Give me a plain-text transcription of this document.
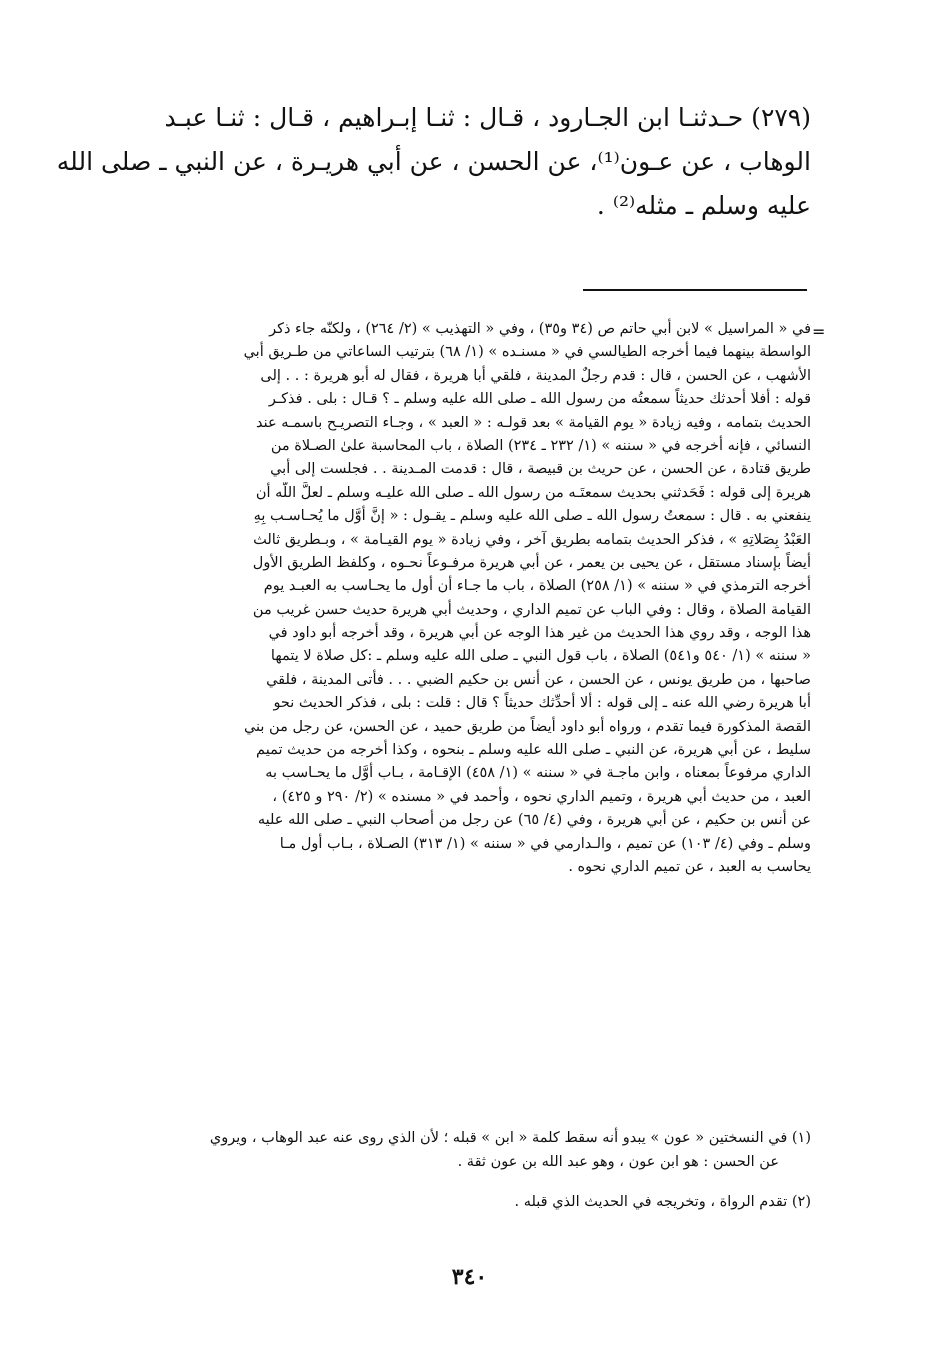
(٢٧٩) حـدثنـا ابن الجـارود ، قـال : ثنـا إبـراهيم ، قـال : ثنـا عبـد
الوهاب ، عن عـون⁽¹⁾، عن الحسن ، عن أبي هريـرة ، عن النبي ـ صلى الله
عليه وسلم ـ مثله⁽²⁾ .
=
في « المراسيل » لابن أبي حاتم ص (٣٤ و٣٥) ، وفي « التهذيب » (٢/ ٢٦٤) ، ولكنّه جاء ذكر
الواسطة بينهما فيما أخرجه الطيالسي في « مسنـده » (١/ ٦٨) بترتيب الساعاتي من طـريق أبي
الأشهب ، عن الحسن ، قال : قدم رجلٌ المدينة ، فلقي أبا هريرة ، فقال له أبو هريرة : . . إلى
قوله : أفلا أحدثك حديثاً سمعتُه من رسول الله ـ صلى الله عليه وسلم ـ ؟ قـال : بلى . فذكـر
الحديث بتمامه ، وفيه زيادة « يوم القيامة » بعد قولـه : « العبد » ، وجـاء التصريـح باسمـه عند
النسائي ، فإنه أخرجه في « سننه » (١/ ٢٣٢ ـ ٢٣٤) الصلاة ، باب المحاسبة علىٰ الصـلاة من
طريق قتادة ، عن الحسن ، عن حريث بن قبيصة ، قال : قدمت المـدينة . . فجلست إلى أبي
هريرة إلى قوله : فَحَدثني بحديث سمعتَـه من رسول الله ـ صلى الله عليـه وسلم ـ لعلَّ اللّه أن
ينفعني به . قال : سمعتُ رسول الله ـ صلى الله عليه وسلم ـ يقـول : « إنَّ أوَّل ما يُحـاسـب بِهِ
العَبْدُ بِصَلاتِهِ » ، فذكر الحديث بتمامه بطريق آخر ، وفي زيادة « يوم القيـامة » ، وبـطريق ثالث
أيضاً بإسناد مستقل ، عن يحيى بن يعمر ، عن أبي هريرة مرفـوعاً نحـوه ، وكلفظ الطريق الأول
أخرجه الترمذي في « سننه » (١/ ٢٥٨) الصلاة ، باب ما جـاء أن أول ما يحـاسب به العبـد يوم
القيامة الصلاة ، وقال : وفي الباب عن تميم الداري ، وحديث أبي هريرة حديث حسن غريب من
هذا الوجه ، وقد روي هذا الحديث من غير هذا الوجه عن أبي هريرة ، وقد أخرجه أبو داود في
« سننه » (١/ ٥٤٠ و٥٤١) الصلاة ، باب قول النبي ـ صلى الله عليه وسلم ـ :كل صلاة لا يتمها
صاحبها ، من طريق يونس ، عن الحسن ، عن أنس بن حكيم الضبي . . . فأتى المدينة ، فلقي
أبا هريرة رضي الله عنه ـ إلى قوله : ألا أُحدِّثك حديثاً ؟ قال : قلت : بلى ، فذكر الحديث نحو
القصة المذكورة فيما تقدم ، ورواه أبو داود أيضاً من طريق حميد ، عن الحسن، عن رجل من بني
سليط ، عن أبي هريرة، عن النبي ـ صلى الله عليه وسلم ـ بنحوه ، وكذا أخرجه من حديث تميم
الداري مرفوعاً بمعناه ، وابن ماجـة في « سننه » (١/ ٤٥٨) الإقـامة ، بـاب أوَّل ما يحـاسب به
العبد ، من حديث أبي هريرة ، وتميم الداري نحوه ، وأحمد في « مسنده » (٢/ ٢٩٠ و ٤٢٥) ،
عن أنس بن حكيم ، عن أبي هريرة ، وفي (٤/ ٦٥) عن رجل من أصحاب النبي ـ صلى الله عليه
وسلم ـ وفي (٤/ ١٠٣) عن تميم ، والـدارمي في « سننه » (١/ ٣١٣) الصـلاة ، بـاب أول مـا
يحاسب به العبد ، عن تميم الداري نحوه .
(١) في النسختين « عون » يبدو أنه سقط كلمة « ابن » قبله ؛ لأن الذي روى عنه عبد الوهاب ، ويروي
عن الحسن : هو ابن عون ، وهو عبد الله بن عون ثقة .
(٢) تقدم الرواة ، وتخريجه في الحديث الذي قبله .
٣٤٠
